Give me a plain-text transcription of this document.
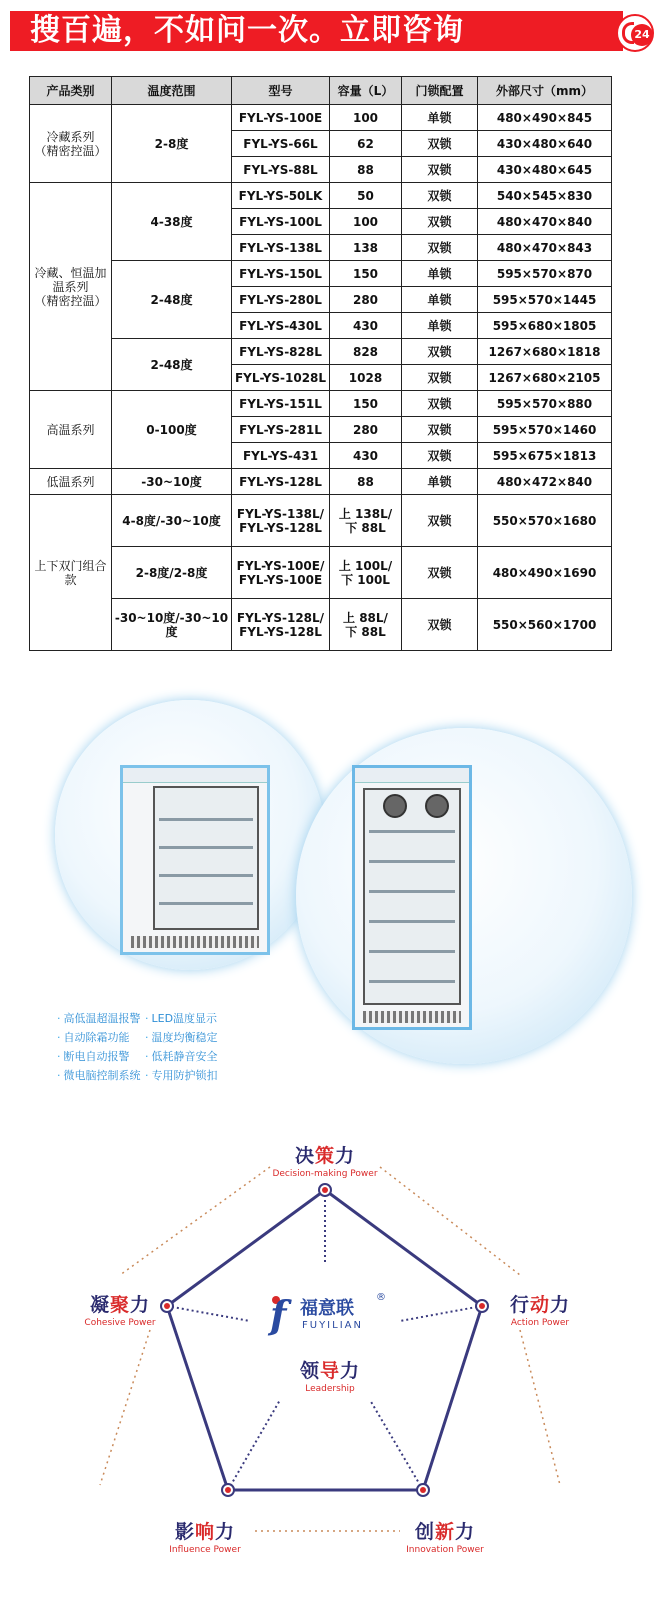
搜百遍，不如问一次。立即咨询	24
产品类别	温度范围	型号	容量（L）	门锁配置	外部尺寸（mm）
冷藏系列
（精密控温）	2-8度	FYL-YS-100E	100	单锁	480×490×845
		FYL-YS-66L	62	双锁	430×480×640
		FYL-YS-88L	88	双锁	430×480×645
冷藏、恒温加
温系列
（精密控温）	4-38度	FYL-YS-50LK	50	双锁	540×545×830
		FYL-YS-100L	100	双锁	480×470×840
		FYL-YS-138L	138	双锁	480×470×843
	2-48度	FYL-YS-150L	150	单锁	595×570×870
		FYL-YS-280L	280	单锁	595×570×1445
		FYL-YS-430L	430	单锁	595×680×1805
	2-48度	FYL-YS-828L	828	双锁	1267×680×1818
		FYL-YS-1028L	1028	双锁	1267×680×2105
高温系列	0-100度	FYL-YS-151L	150	双锁	595×570×880
		FYL-YS-281L	280	双锁	595×570×1460
		FYL-YS-431	430	双锁	595×675×1813
低温系列	-30~10度	FYL-YS-128L	88	单锁	480×472×840
上下双门组合
款	4-8度/-30~10度	FYL-YS-138L/
FYL-YS-128L	上 138L/
下 88L	双锁	550×570×1680
	2-8度/2-8度	FYL-YS-100E/
FYL-YS-100E	上 100L/
下 100L	双锁	480×490×1690
	-30~10度/-30~10度	FYL-YS-128L/
FYL-YS-128L	上 88L/
下 88L	双锁	550×560×1700
· 高低温超温报警
· 自动除霜功能
· 断电自动报警
· 微电脑控制系统
· LED温度显示
· 温度均衡稳定
· 低耗静音安全
· 专用防护锁扣
决策力
Decision-making Power
凝聚力
Cohesive Power
行动力
Action Power
影响力
Influence Power
创新力
Innovation Power
领导力
Leadership
f 福意联
®
FUYILIAN
